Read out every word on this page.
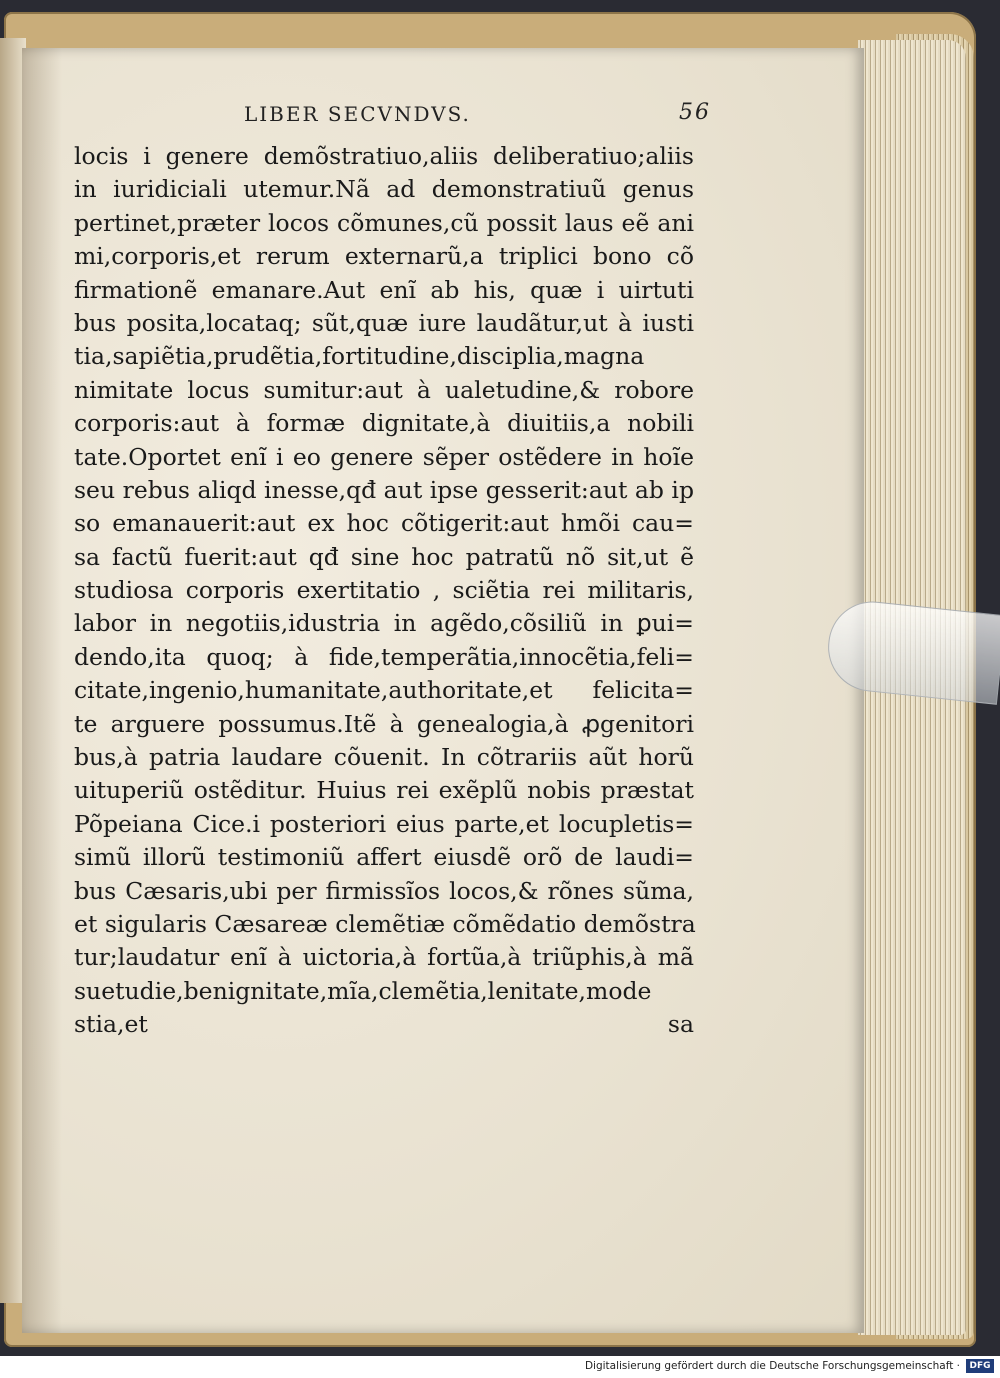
LIBER SECVNDVS.	56
locis i genere demõstratiuo,aliis deliberatiuo;aliis
in iuridiciali utemur.Nã ad demonstratiuũ genus
pertinet,præter locos cõmunes,cũ possit laus eẽ ani
mi,corporis,et rerum externarũ,a triplici bono cõ
firmationẽ emanare.Aut enĩ ab his, quæ i uirtuti
bus posita,locataq; sũt,quæ iure laudãtur,ut à iusti
tia,sapiẽtia,prudẽtia,fortitudine,disciplia,magna
nimitate locus sumitur:aut à ualetudine,& robore
corporis:aut à formæ dignitate,à diuitiis,a nobili
tate.Oportet enĩ i eo genere sẽper ostẽdere in hoĩe
seu rebus aliqd inesse,qđ aut ipse gesserit:aut ab ip
so emanauerit:aut ex hoc cõtigerit:aut hmõi cau=
sa factũ fuerit:aut qđ sine hoc patratũ nõ sit,ut ẽ
studiosa corporis exertitatio , sciẽtia rei militaris,
labor in negotiis,idustria in agẽdo,cõsiliũ in ꝑui=
dendo,ita quoq; à fide,temperãtia,innocẽtia,feli=
citate,ingenio,humanitate,authoritate,et felicita=
te arguere possumus.Itẽ à genealogia,à ꝓgenitori
bus,à patria laudare cõuenit. In cõtrariis aũt horũ
uituperiũ ostẽditur. Huius rei exẽplũ nobis præstat
Põpeiana Cice.i posteriori eius parte,et locupletis=
simũ illorũ testimoniũ affert eiusdẽ orõ de laudi=
bus Cæsaris,ubi per firmissĩos locos,& rõnes sũma,
et sigularis Cæsareæ clemẽtiæ cõmẽdatio demõstra
tur;laudatur enĩ à uictoria,à fortũa,à triũphis,à mã
suetudie,benignitate,mĩa,clemẽtia,lenitate,mode
stia,et sa
Digitalisierung gefördert durch die Deutsche Forschungsgemeinschaft ·	DFG
